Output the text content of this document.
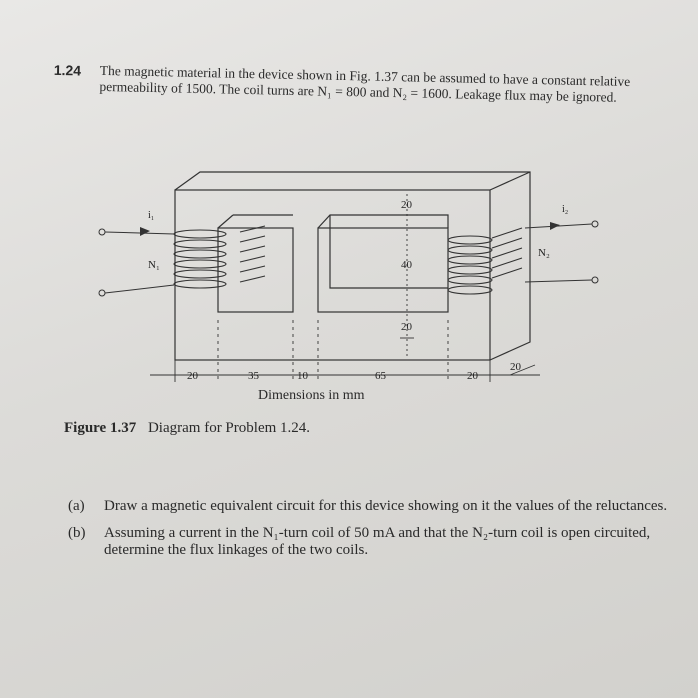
1.24 The magnetic material in the device shown in Fig. 1.37 can be assumed to have a constant relative permeability of 1500. The coil turns are N₁ = 800 and N₂ = 1600. Leakage flux may be ignored.
i₁
N₁
i₂
N₂
20
40
20
20	35	10	65	20
20
Dimensions in mm
Figure 1.37 Diagram for Problem 1.24.
(a) Draw a magnetic equivalent circuit for this device showing on it the values of the reluctances.
(b) Assuming a current in the N₁-turn coil of 50 mA and that the N₂-turn coil is open circuited, determine the flux linkages of the two coils.
